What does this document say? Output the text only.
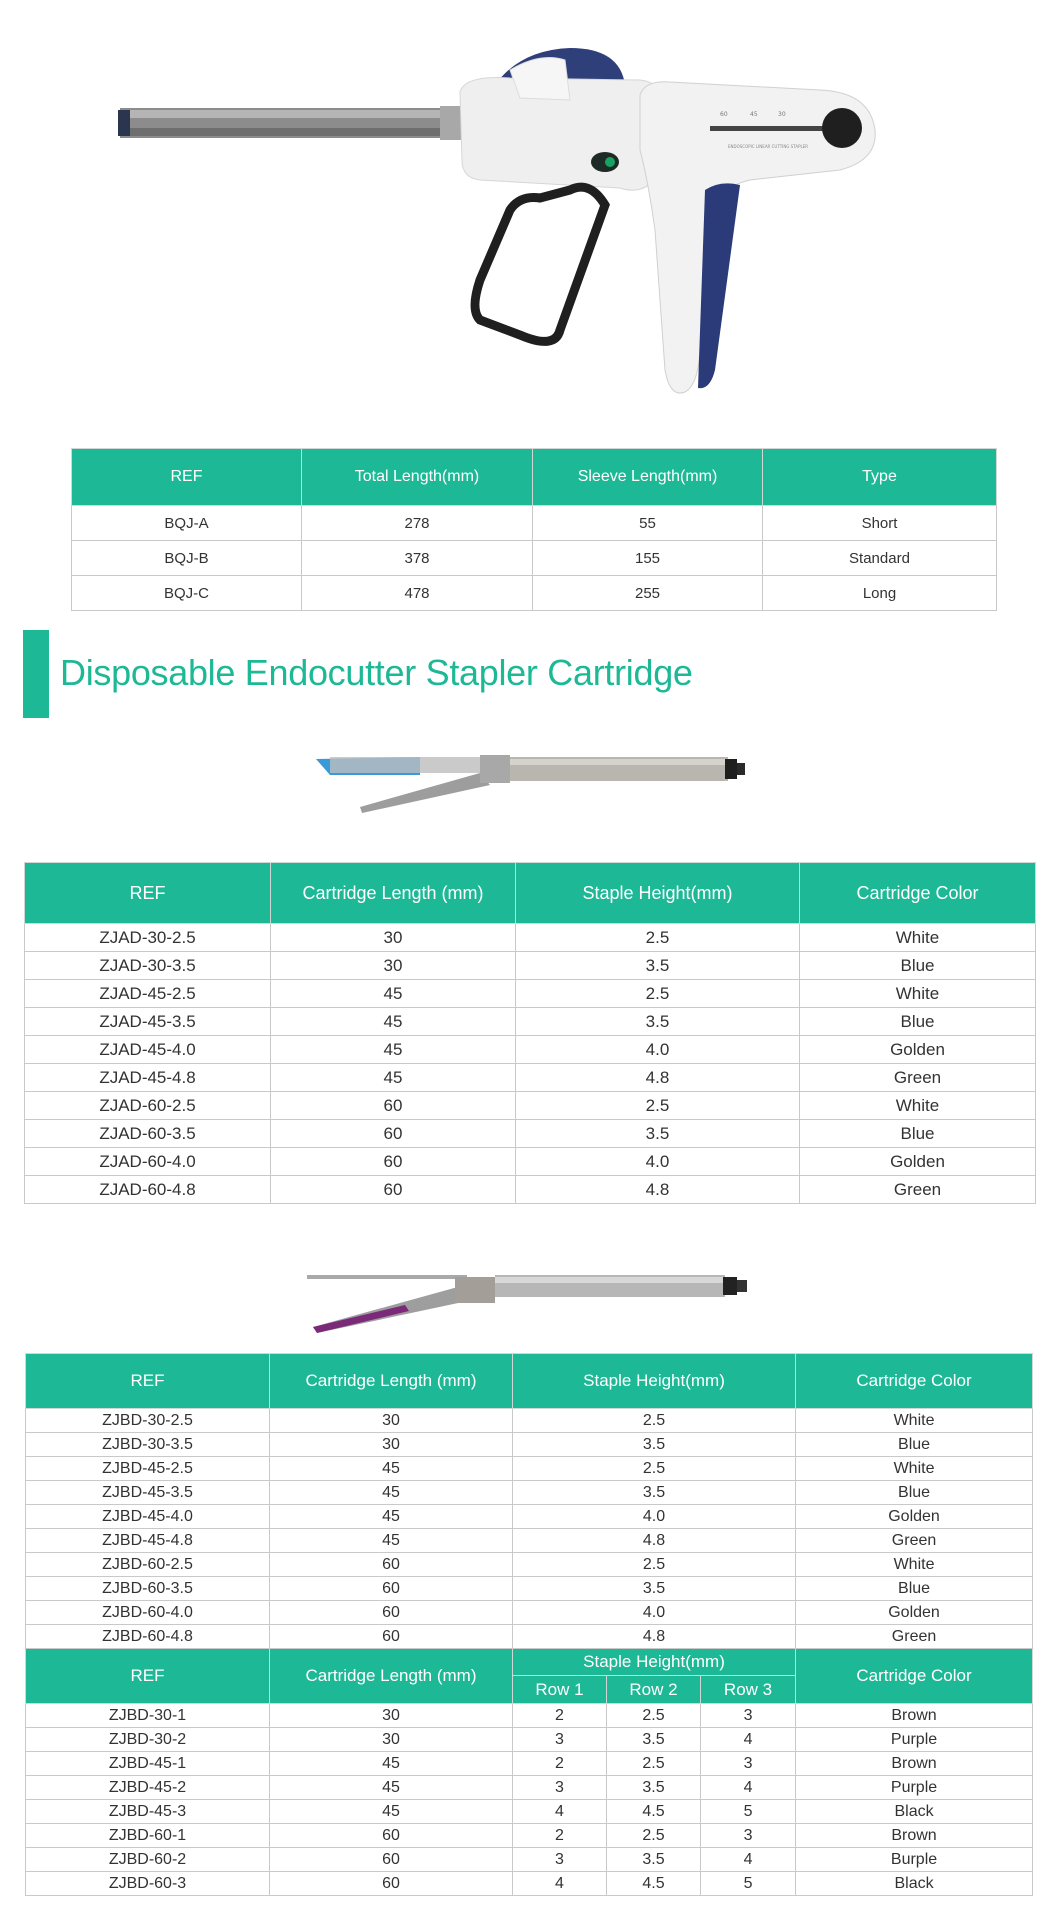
60	45	30
ENDOSCOPIC LINEAR CUTTING STAPLER
REF	Total Length(mm)	Sleeve Length(mm)	Type
BQJ-A	278	55	Short
BQJ-B	378	155	Standard
BQJ-C	478	255	Long
Disposable Endocutter Stapler Cartridge
REF	Cartridge Length (mm)	Staple Height(mm)	Cartridge Color
ZJAD-30-2.5	30	2.5	White
ZJAD-30-3.5	30	3.5	Blue
ZJAD-45-2.5	45	2.5	White
ZJAD-45-3.5	45	3.5	Blue
ZJAD-45-4.0	45	4.0	Golden
ZJAD-45-4.8	45	4.8	Green
ZJAD-60-2.5	60	2.5	White
ZJAD-60-3.5	60	3.5	Blue
ZJAD-60-4.0	60	4.0	Golden
ZJAD-60-4.8	60	4.8	Green
REF	Cartridge Length (mm)	Staple Height(mm)			Cartridge Color
ZJBD-30-2.5	30	2.5			White
ZJBD-30-3.5	30	3.5			Blue
ZJBD-45-2.5	45	2.5			White
ZJBD-45-3.5	45	3.5			Blue
ZJBD-45-4.0	45	4.0			Golden
ZJBD-45-4.8	45	4.8			Green
ZJBD-60-2.5	60	2.5			White
ZJBD-60-3.5	60	3.5			Blue
ZJBD-60-4.0	60	4.0			Golden
ZJBD-60-4.8	60	4.8			Green
REF	Cartridge Length (mm)	Staple Height(mm)			Cartridge Color
		Row 1	Row 2	Row 3	
ZJBD-30-1	30	2	2.5	3	Brown
ZJBD-30-2	30	3	3.5	4	Purple
ZJBD-45-1	45	2	2.5	3	Brown
ZJBD-45-2	45	3	3.5	4	Purple
ZJBD-45-3	45	4	4.5	5	Black
ZJBD-60-1	60	2	2.5	3	Brown
ZJBD-60-2	60	3	3.5	4	Burple
ZJBD-60-3	60	4	4.5	5	Black
